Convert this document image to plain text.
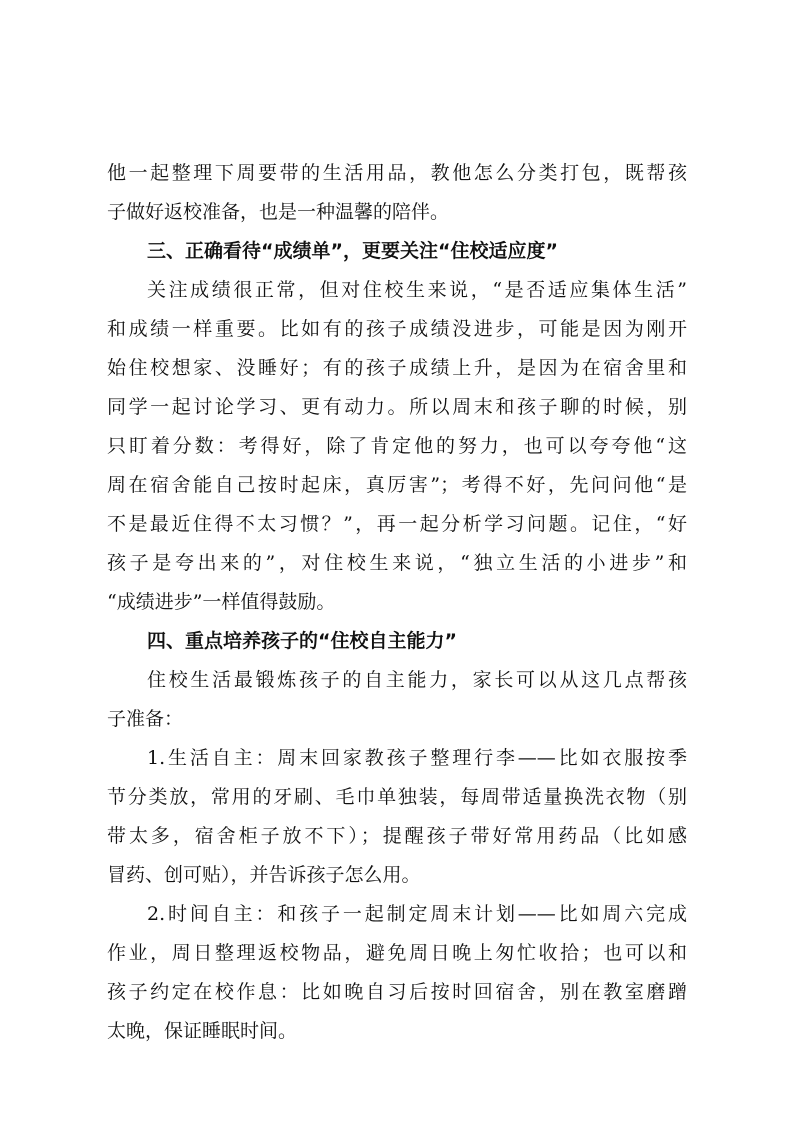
他一起整理下周要带的生活用品，教他怎么分类打包，既帮孩
子做好返校准备，也是一种温馨的陪伴。
三、正确看待“成绩单”，更要关注“住校适应度”
关注成绩很正常，但对住校生来说，“是否适应集体生活”
和成绩一样重要。比如有的孩子成绩没进步，可能是因为刚开
始住校想家、没睡好；有的孩子成绩上升，是因为在宿舍里和
同学一起讨论学习、更有动力。所以周末和孩子聊的时候，别
只盯着分数：考得好，除了肯定他的努力，也可以夸夸他“这
周在宿舍能自己按时起床，真厉害”；考得不好，先问问他“是
不是最近住得不太习惯？”，再一起分析学习问题。记住，“好
孩子是夸出来的”，对住校生来说，“独立生活的小进步”和
“成绩进步”一样值得鼓励。
四、重点培养孩子的“住校自主能力”
住校生活最锻炼孩子的自主能力，家长可以从这几点帮孩
子准备：
1.生活自主：周末回家教孩子整理行李——比如衣服按季
节分类放，常用的牙刷、毛巾单独装，每周带适量换洗衣物（别
带太多，宿舍柜子放不下）；提醒孩子带好常用药品（比如感
冒药、创可贴），并告诉孩子怎么用。
2.时间自主：和孩子一起制定周末计划——比如周六完成
作业，周日整理返校物品，避免周日晚上匆忙收拾；也可以和
孩子约定在校作息：比如晚自习后按时回宿舍，别在教室磨蹭
太晚，保证睡眠时间。
